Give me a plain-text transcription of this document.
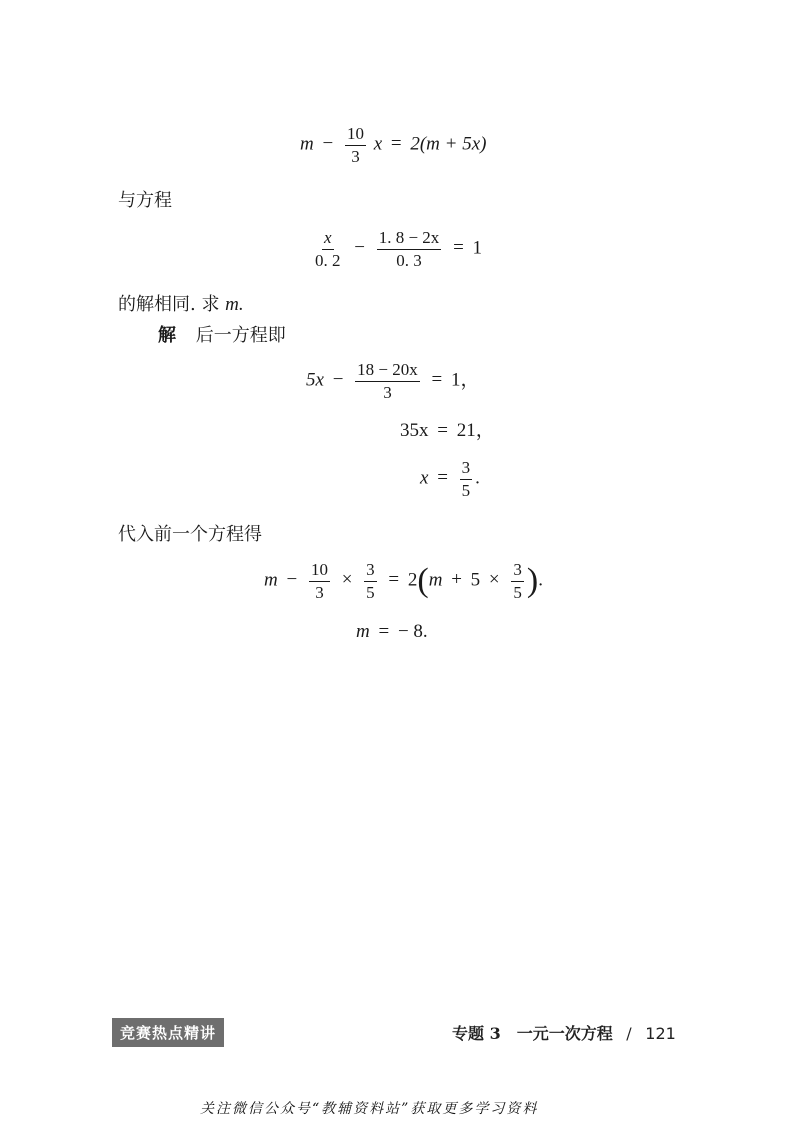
$m - \frac{10}{3}$ x = 2(m + 5x)
与方程
$\frac{x}{0. 2} - \frac{1. 8 - 2x}{0. 3} = 1$
的解相同. 求 m.
解 后一方程即
$5x - \frac{18 - 20x}{3} = 1$，
35x = 21，
$x = \frac{3}{5}$ .
代入前一个方程得
$m - \frac{10}{3} \times \frac{3}{5} = 2(m + 5 \times \frac{3}{5}$ ).
m = − 8.
竞赛热点精讲	专题 3　一元一次方程 / 121
关注微信公众号“教辅资料站”获取更多学习资料
